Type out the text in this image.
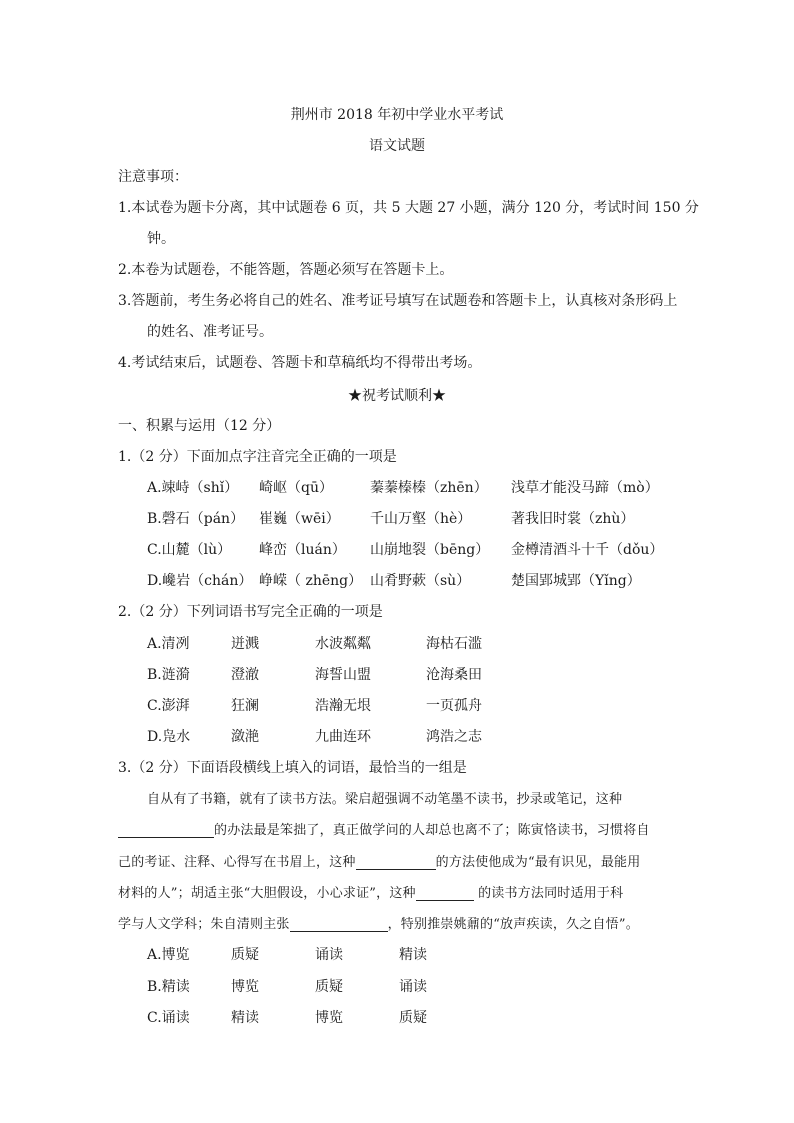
荆州市 2018 年初中学业水平考试
语文试题
注意事项：
1.本试卷为题卡分离，其中试题卷 6 页，共 5 大题 27 小题，满分 120 分，考试时间 150 分
钟。
2.本卷为试题卷，不能答题，答题必须写在答题卡上。
3.答题前，考生务必将自己的姓名、准考证号填写在试题卷和答题卡上，认真核对条形码上
的姓名、准考证号。
4.考试结束后，试题卷、答题卡和草稿纸均不得带出考场。
★祝考试顺利★
一、积累与运用（12 分）
1.（2 分）下面加点字注音完全正确的一项是
A.竦峙（shǐ） 崎岖（qū）	蓁蓁榛榛（zhēn） 浅草才能没马蹄（mò）
B.磬石（pán） 崔巍（wēi） 千山万壑（hè）	著我旧时裳（zhù）
C.山麓（lù） 峰峦（luán） 山崩地裂（bēng） 金樽清酒斗十千（dǒu）
D.巉岩（chán） 峥嵘（ zhēng） 山肴野蔌（sù）	楚国郢城郢（Yǐng）
2.（2 分）下列词语书写完全正确的一项是
A.清冽	迸溅	水波粼粼	海枯石滥
B.涟漪	澄澈	海誓山盟	沧海桑田
C.澎湃	狂澜	浩瀚无垠	一页孤舟
D.凫水	潋滟	九曲连环	鸿浩之志
3.（2 分）下面语段横线上填入的词语，最恰当的一组是
自从有了书籍，就有了读书方法。梁启超强调不动笔墨不读书，抄录或笔记，这种
的办法最是笨拙了，真正做学问的人却总也离不了；陈寅恪读书，习惯将自
己的考证、注释、心得写在书眉上，这种	的方法使他成为“最有识见，最能用
材料的人”；胡适主张“大胆假设，小心求证”，这种	的读书方法同时适用于科
学与人文学科；朱自清则主张	，特别推崇姚鼐的“放声疾读，久之自悟”。
A.博览	质疑	诵读	精读
B.精读	博览	质疑	诵读
C.诵读	精读	博览	质疑
